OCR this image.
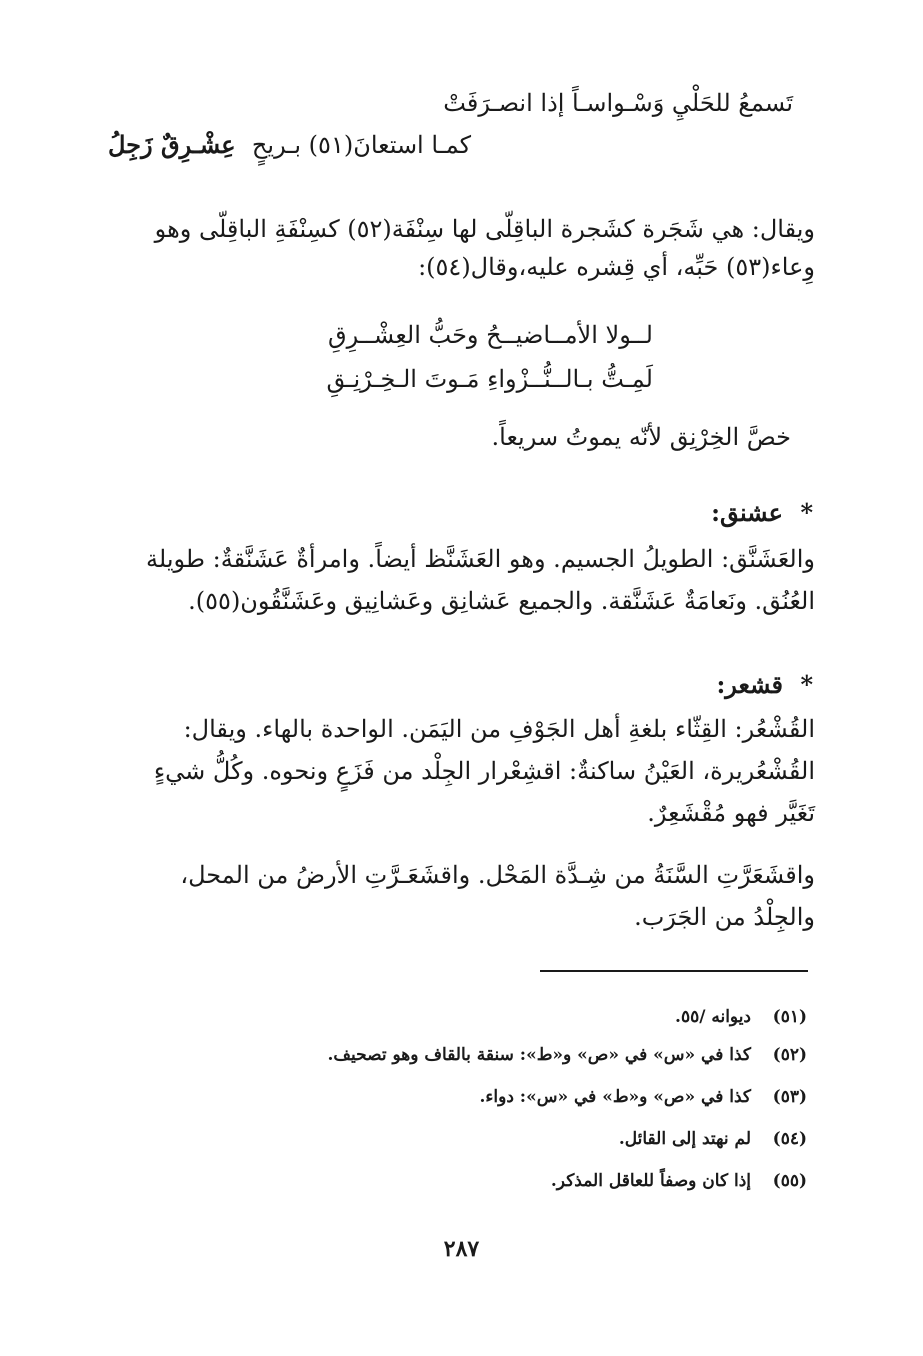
تَسمعُ للحَلْيِ وَسْـواسـاً إذا انصـرَفَتْ
كمـا استعانَ(٥١) بـريحٍ
عِشْـرِقٌ زَجِلُ
ويقال: هي شَجَرة كشَجرة الباقِلّى لها سِنْفَة(٥٢) كسِنْفَةِ الباقِلّى وهو
وِعاء(٥٣) حَبِّه، أي قِشره عليه،وقال(٥٤):
لــولا الأمــاضيــحُ وحَبُّ العِشْــرِقِ
لَمِـتُّ بـالــنُّــزْواءِ مَـوتَ الـخِـرْنِـقِ
خصَّ الخِرْنِق لأنّه يموتُ سريعاً.
*
عشنق:
والعَشَنَّق: الطويلُ الجسيم. وهو العَشَنَّظ أيضاً. وامرأةٌ عَشَنَّقةٌ: طويلة
العُنُق. ونَعامَةٌ عَشَنَّقة. والجميع عَشانِق وعَشانِيق وعَشَنَّقُون(٥٥).
*
قشعر:
القُشْعُر: القِثّاء بلغةِ أهل الجَوْفِ من اليَمَن. الواحدة بالهاء. ويقال:
القُشْعُريرة، العَيْنُ ساكنةٌ: اقشِعْرار الجِلْد من فَزَعٍ ونحوه. وكُلُّ شيءٍ
تَغَيَّر فهو مُقْشَعِرٌ.
واقشَعَرَّتِ السَّنَةُ من شِـدَّة المَحْل. واقشَعَـرَّتِ الأرضُ من المحل،
والجِلْدُ من الجَرَب.
(٥١)
ديوانه /٥٥.
(٥٢)
كذا في «س» في «ص» و«ط»: سنقة بالقاف وهو تصحيف.
(٥٣)
كذا في «ص» و«ط» في «س»: دواء.
(٥٤)
لم نهتد إلى القائل.
(٥٥)
إذا كان وصفاً للعاقل المذكر.
٢٨٧
